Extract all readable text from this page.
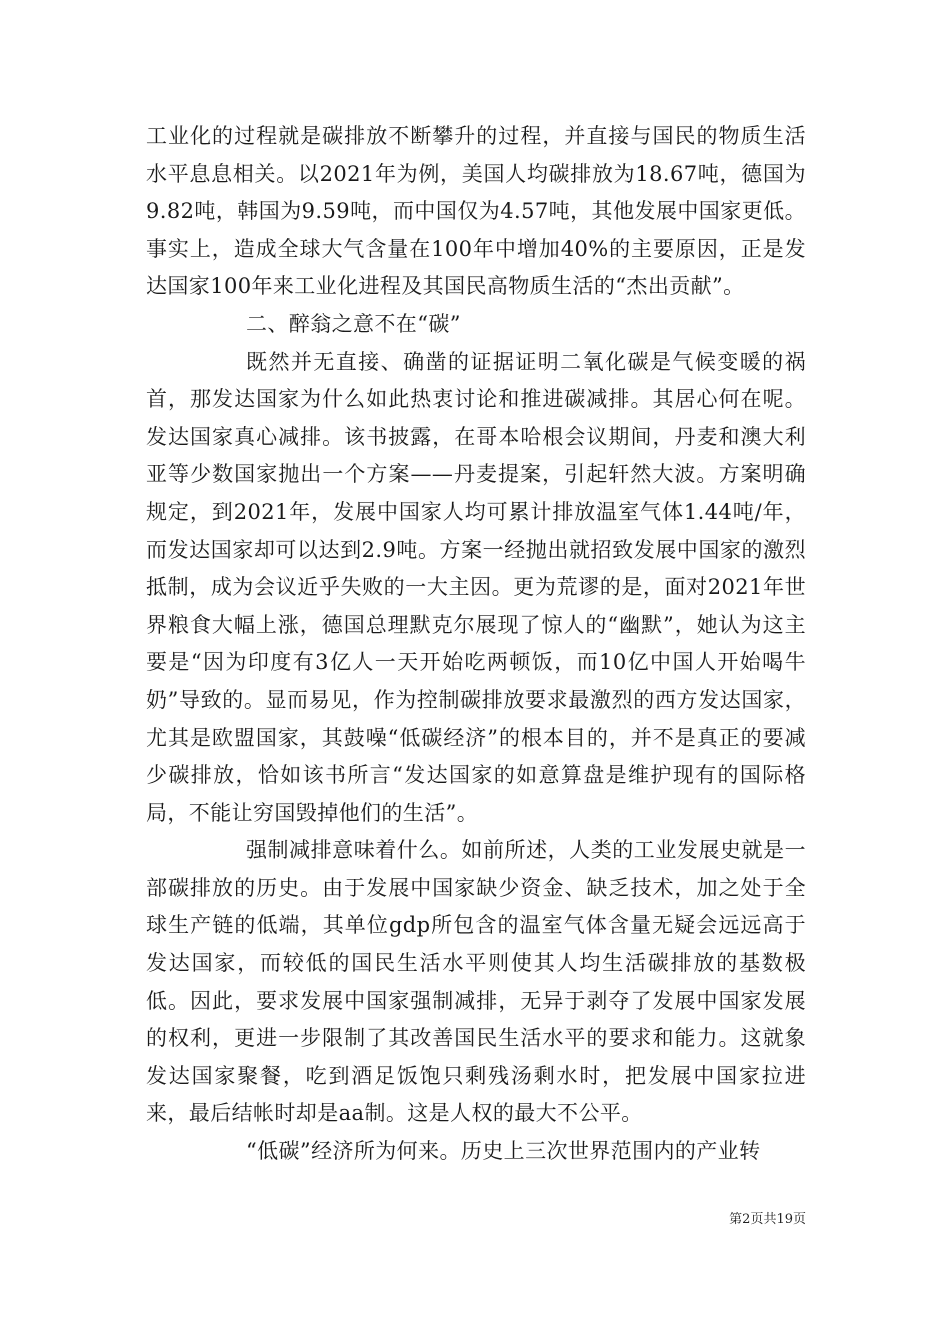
工业化的过程就是碳排放不断攀升的过程，并直接与国民的物质生活水平息息相关。以2021年为例，美国人均碳排放为18.67吨，德国为9.82吨，韩国为9.59吨，而中国仅为4.57吨，其他发展中国家更低。事实上，造成全球大气含量在100年中增加40%的主要原因，正是发达国家100年来工业化进程及其国民高物质生活的“杰出贡献”。

二、醉翁之意不在“碳”

既然并无直接、确凿的证据证明二氧化碳是气候变暖的祸首，那发达国家为什么如此热衷讨论和推进碳减排。其居心何在呢。发达国家真心减排。该书披露，在哥本哈根会议期间，丹麦和澳大利亚等少数国家抛出一个方案——丹麦提案，引起轩然大波。方案明确规定，到2021年，发展中国家人均可累计排放温室气体1.44吨/年，而发达国家却可以达到2.9吨。方案一经抛出就招致发展中国家的激烈抵制，成为会议近乎失败的一大主因。更为荒谬的是，面对2021年世界粮食大幅上涨，德国总理默克尔展现了惊人的“幽默”，她认为这主要是“因为印度有3亿人一天开始吃两顿饭，而10亿中国人开始喝牛奶”导致的。显而易见，作为控制碳排放要求最激烈的西方发达国家，尤其是欧盟国家，其鼓噪“低碳经济”的根本目的，并不是真正的要减少碳排放，恰如该书所言“发达国家的如意算盘是维护现有的国际格局，不能让穷国毁掉他们的生活”。

强制减排意味着什么。如前所述，人类的工业发展史就是一部碳排放的历史。由于发展中国家缺少资金、缺乏技术，加之处于全球生产链的低端，其单位gdp所包含的温室气体含量无疑会远远高于发达国家，而较低的国民生活水平则使其人均生活碳排放的基数极低。因此，要求发展中国家强制减排，无异于剥夺了发展中国家发展的权利，更进一步限制了其改善国民生活水平的要求和能力。这就象发达国家聚餐，吃到酒足饭饱只剩残汤剩水时，把发展中国家拉进来，最后结帐时却是aa制。这是人权的最大不公平。

“低碳”经济所为何来。历史上三次世界范围内的产业转

第2页共19页
